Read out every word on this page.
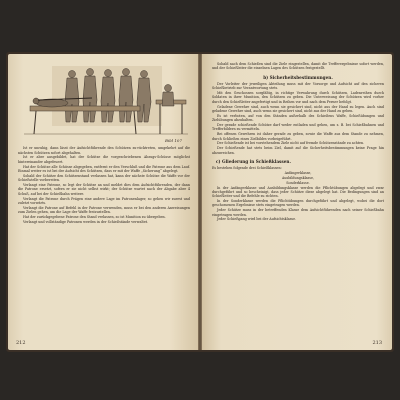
Bild 107

Ist er unruhig, dann lässt der Aufsichtführende den Schützen zu-rücktreten, umgekehrt auf die nächsten Schützen sofort abgehalten.

Ist er aber ausgebildet, hat der Schütze die vorgeschriebenen Abzugs-Schüsse möglichst hintereinander abgefeuert.

Hat der Schütze alle Schüsse abgegeben, entfernt er den Verschluß und die Patrone aus dem Lauf. Einmal weiter es ist bei der Aufsicht des Schützen, dass er mit der Waffe „Sicherung“ abgelegt.

Sobald der Schütze den Schützenstand verlassen hat, kann der nächste Schütze die Waffe vor der Schießstelle vorbereiten.

Verlangt eine Patrone, so legt der Schütze an und meldet dies dem Aufsichtführenden, der dann die Patrone ersetzt, sofern er sie nicht selbst wirkt; der Schütze wartet nach der Abgabe aber 4 Schuß, auf bei der Schießbahn weitere.

Verlangt die Patrone durch Prägen eine andere Lage im Patronenlager, so gehen wir zuerst und zuletzt vorwärts.

Verlangt die Patrone auf Befehl in der Patrone verwenden, muss er bei den anderen Anweisungen zum Zielen gehen, um die Lage der Waffe festzustellen.

Hat der zurückgegebene Patrone den Stand verlassen, so ist Munition zu übergeben.

Verlangt und vollständige Patronen werden in der Schießstände verwaltet.

212

Sobald nach dem Schießen sind die Ziele eingestellen, damit die Trefferergebnisse sofort werden, und der Schießleiter die einzelnen Lagen des Schützen festgestellt.

b) Sicherheitsbestimmungen.

Der Vorleiter der jeweiligen Abteilung muss mit der Vorsorge und Aufsicht auf den sicheren Schießbetrieb zur Verantwortung stets.

Mit den Geschossen sorgfältig, in richtige Verwahrung durch Schützen, Ladenreihen durch Soldaten in ihrer Munition, den Schützen zu geben. Die Unterweisung der Schützen wird vorher durch den Schießleiter angefertigt und in Reihen vor und nach dem Ferner befolgt.

Geladene Gewehre sind, auch wenn sie gesichert sind, nicht aus der Hand zu legen. Auch sind geladene Gewehre sind, auch wenn sie gesichert sind, nicht aus der Hand zu geben.

Es ist verboten, auf von den Ständen außerhalb des Schießens Waffe, Schießübungen und Zielübungen abzuhalten.

Der gerade schießende Schütze darf weder entladen und gehen, um z. B. bei Schießbahnen und Trefferbildern zu vermitteln.

Bei offenen Gewehren ist daher gerade zu geben, sowie die Waffe aus dem Stande zu nehmen, durch Schließen eines Zielbildes vorbeigeführt.

Der Schießende ist bei vorstehendem Ziele nicht auf fremde Schützenstände zu achten.

Der Schießende hat stets beim Ziel, damit auf die Sicherheitsbestimmungen keine Frage hin abzuweichen.

c) Gliederung in Schießklassen.

Es bestehen folgende drei Schießklassen:

Anfängerklasse,
Ausbildungsklasse,
Sonderklasse.

In der Anfängerklasse und Ausbildungsklasse werden die Pflichtübungen abgelegt und zwar durchgeführt und so bescheinigt, dass jeder Schütze diese abgelegt hat. Die Bedingungen sind an Schießleiter und die Befehle zu richten.

In der Sonderklasse werden die Pflichtübungen durchgeführt und abgelegt, wobei die dort geschossenen Ergebnisse stets eingetragen werden.

Jeder Schütze muss in der betreffenden Klasse dem Aufsichtführenden nach seiner Schießbahn eingetragen werden.

Jeder Schießgang wird bei der Aufsichtsklasse.

213
